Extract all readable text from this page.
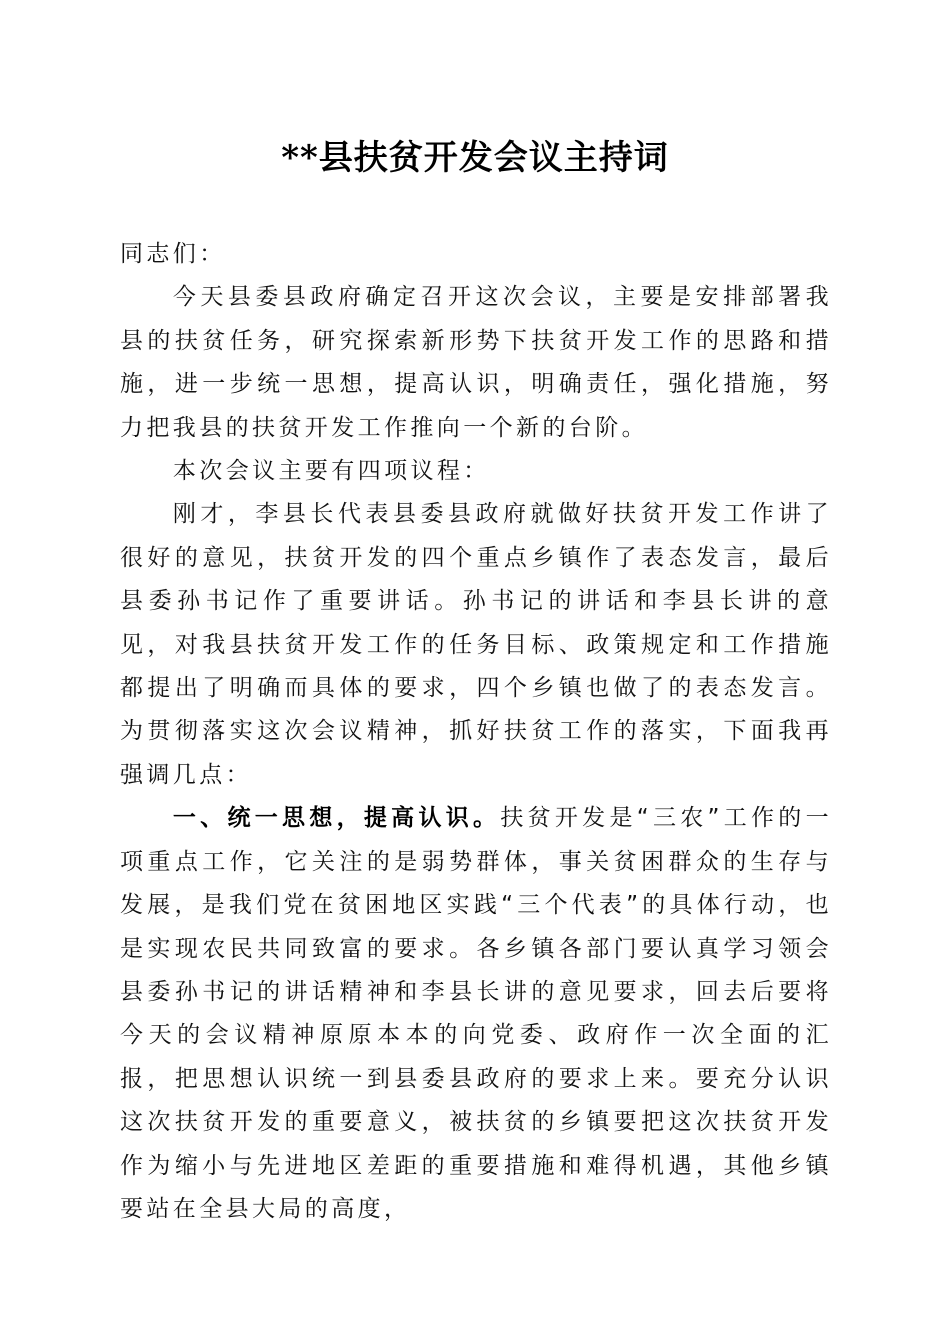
**县扶贫开发会议主持词

同志们：

今天县委县政府确定召开这次会议，主要是安排部署我县的扶贫任务，研究探索新形势下扶贫开发工作的思路和措施，进一步统一思想，提高认识，明确责任，强化措施，努力把我县的扶贫开发工作推向一个新的台阶。

本次会议主要有四项议程：

刚才，李县长代表县委县政府就做好扶贫开发工作讲了很好的意见，扶贫开发的四个重点乡镇作了表态发言，最后县委孙书记作了重要讲话。孙书记的讲话和李县长讲的意见，对我县扶贫开发工作的任务目标、政策规定和工作措施都提出了明确而具体的要求，四个乡镇也做了的表态发言。为贯彻落实这次会议精神，抓好扶贫工作的落实，下面我再强调几点：

一、统一思想，提高认识。扶贫开发是“三农”工作的一项重点工作，它关注的是弱势群体，事关贫困群众的生存与发展，是我们党在贫困地区实践“三个代表”的具体行动，也是实现农民共同致富的要求。各乡镇各部门要认真学习领会县委孙书记的讲话精神和李县长讲的意见要求，回去后要将今天的会议精神原原本本的向党委、政府作一次全面的汇报，把思想认识统一到县委县政府的要求上来。要充分认识这次扶贫开发的重要意义，被扶贫的乡镇要把这次扶贫开发作为缩小与先进地区差距的重要措施和难得机遇，其他乡镇要站在全县大局的高度，
